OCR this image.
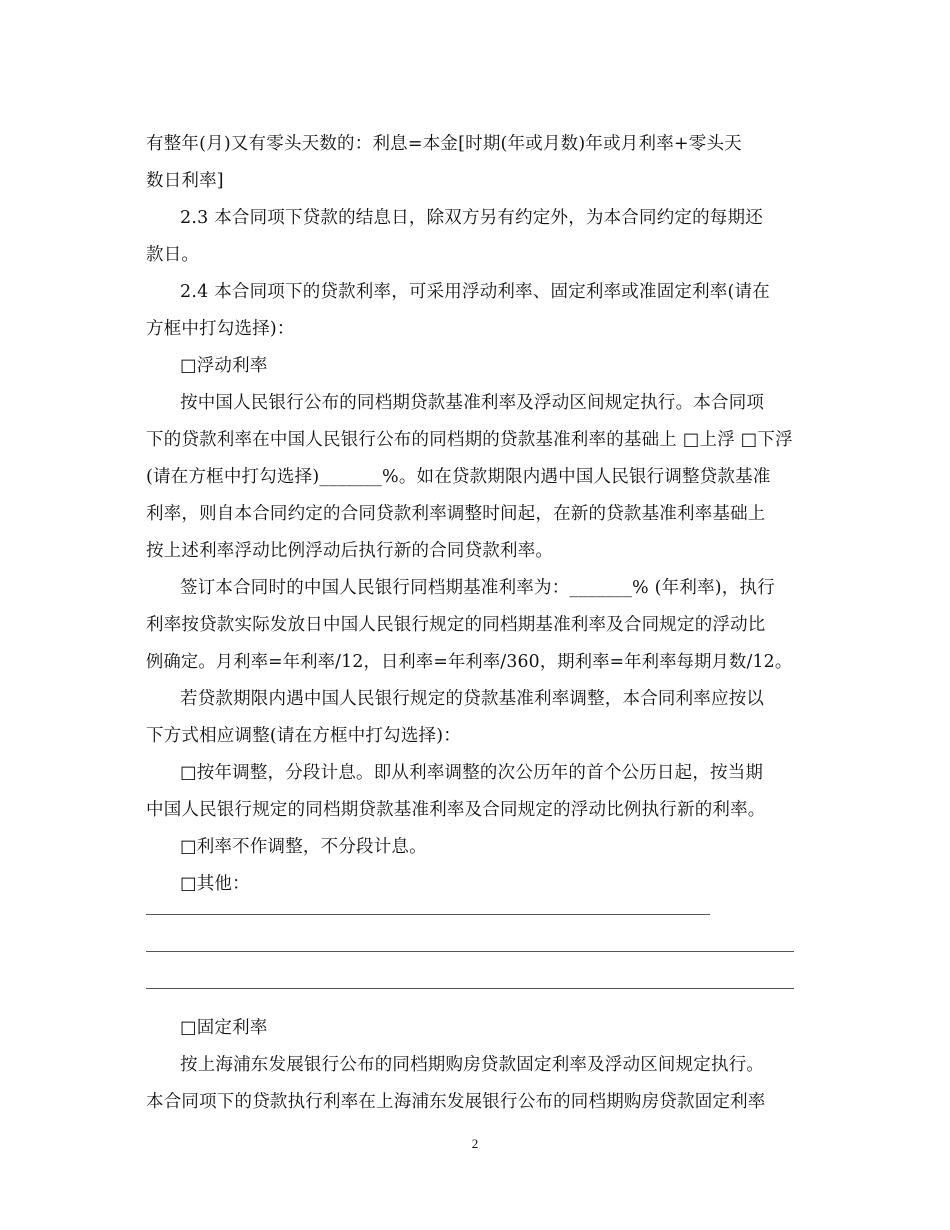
有整年(月)又有零头天数的：利息=本金[时期(年或月数)年或月利率+零头天
数日利率]
2.3 本合同项下贷款的结息日，除双方另有约定外，为本合同约定的每期还
款日。
2.4 本合同项下的贷款利率，可采用浮动利率、固定利率或准固定利率(请在
方框中打勾选择)：
□浮动利率
按中国人民银行公布的同档期贷款基准利率及浮动区间规定执行。本合同项
下的贷款利率在中国人民银行公布的同档期的贷款基准利率的基础上 □上浮 □下浮
(请在方框中打勾选择)_______%。如在贷款期限内遇中国人民银行调整贷款基准
利率，则自本合同约定的合同贷款利率调整时间起，在新的贷款基准利率基础上
按上述利率浮动比例浮动后执行新的合同贷款利率。
签订本合同时的中国人民银行同档期基准利率为：_______% (年利率)，执行
利率按贷款实际发放日中国人民银行规定的同档期基准利率及合同规定的浮动比
例确定。月利率=年利率/12，日利率=年利率/360，期利率=年利率每期月数/12。
若贷款期限内遇中国人民银行规定的贷款基准利率调整，本合同利率应按以
下方式相应调整(请在方框中打勾选择)：
□按年调整，分段计息。即从利率调整的次公历年的首个公历日起，按当期
中国人民银行规定的同档期贷款基准利率及合同规定的浮动比例执行新的利率。
□利率不作调整，不分段计息。
□其他：
□固定利率
按上海浦东发展银行公布的同档期购房贷款固定利率及浮动区间规定执行。
本合同项下的贷款执行利率在上海浦东发展银行公布的同档期购房贷款固定利率
2
